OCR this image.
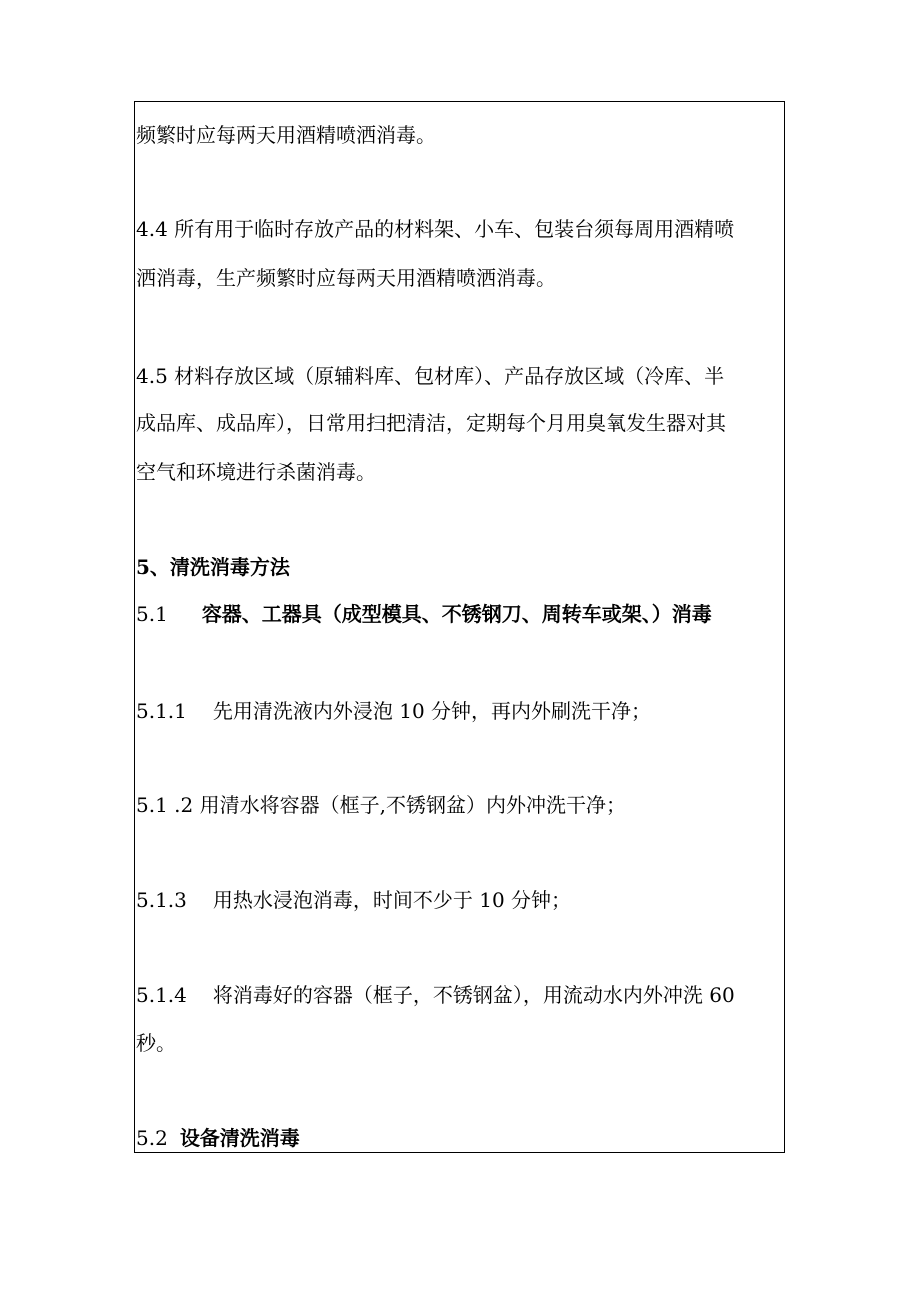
频繁时应每两天用酒精喷洒消毒。
4.4 所有用于临时存放产品的材料架、小车、包装台须每周用酒精喷
洒消毒，生产频繁时应每两天用酒精喷洒消毒。
4.5 材料存放区域（原辅料库、包材库）、产品存放区域（冷库、半
成品库、成品库），日常用扫把清洁，定期每个月用臭氧发生器对其
空气和环境进行杀菌消毒。
5、清洗消毒方法
5.1 容器、工器具（成型模具、不锈钢刀、周转车或架、）消毒
5.1.1 先用清洗液内外浸泡 10 分钟，再内外刷洗干净；
5.1 .2 用清水将容器（框子,不锈钢盆）内外冲洗干净；
5.1.3 用热水浸泡消毒，时间不少于 10 分钟；
5.1.4 将消毒好的容器（框子，不锈钢盆），用流动水内外冲洗 60
秒。
5.2 设备清洗消毒
